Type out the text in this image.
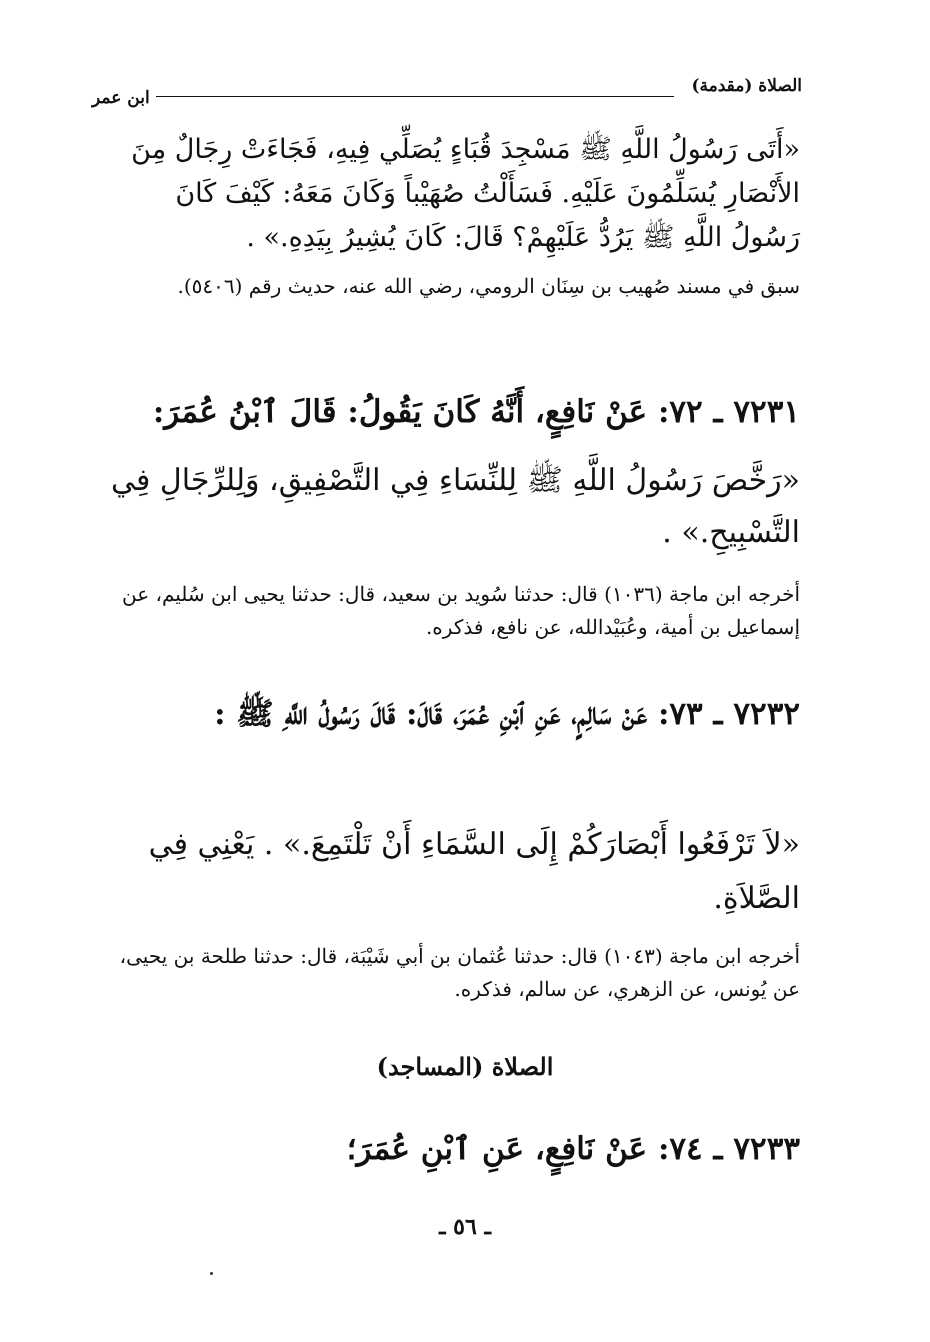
الصلاة (مقدمة)
ابن عمر

«أَتَى رَسُولُ اللَّهِ ﷺ مَسْجِدَ قُبَاءٍ يُصَلِّي فِيهِ، فَجَاءَتْ رِجَالٌ مِنَ الأَنْصَارِ يُسَلِّمُونَ عَلَيْهِ. فَسَأَلْتُ صُهَيْباً وَكَانَ مَعَهُ: كَيْفَ كَانَ رَسُولُ اللَّهِ ﷺ يَرُدُّ عَلَيْهِمْ؟ قَالَ: كَانَ يُشِيرُ بِيَدِهِ.» .

سبق في مسند صُهيب بن سِنَان الرومي، رضي الله عنه، حديث رقم (٥٤٠٦).

٧٢٣١ ـ ٧٢: عَنْ نَافِعٍ، أَنَّهُ كَانَ يَقُولُ: قَالَ ٱبْنُ عُمَرَ:

«رَخَّصَ رَسُولُ اللَّهِ ﷺ لِلنِّسَاءِ فِي التَّصْفِيقِ، وَلِلرِّجَالِ فِي التَّسْبِيحِ.» .

أخرجه ابن ماجة (١٠٣٦) قال: حدثنا سُويد بن سعيد، قال: حدثنا يحيى ابن سُليم، عن إسماعيل بن أمية، وعُبَيْدالله، عن نافع، فذكره.

٧٢٣٢ ـ ٧٣: عَنْ سَالِمٍ، عَنِ ٱبْنِ عُمَرَ، قَالَ: قَالَ رَسُولُ اللَّهِ ﷺ :

«لاَ تَرْفَعُوا أَبْصَارَكُمْ إِلَى السَّمَاءِ أَنْ تَلْتَمِعَ.» . يَعْنِي فِي الصَّلاَةِ.

أخرجه ابن ماجة (١٠٤٣) قال: حدثنا عُثمان بن أبي شَيْبَة، قال: حدثنا طلحة بن يحيى، عن يُونس، عن الزهري، عن سالم، فذكره.

الصلاة (المساجد)

٧٢٣٣ ـ ٧٤: عَنْ نَافِعٍ، عَنِ ٱبْنِ عُمَرَ؛

ـ ٥٦ ـ
